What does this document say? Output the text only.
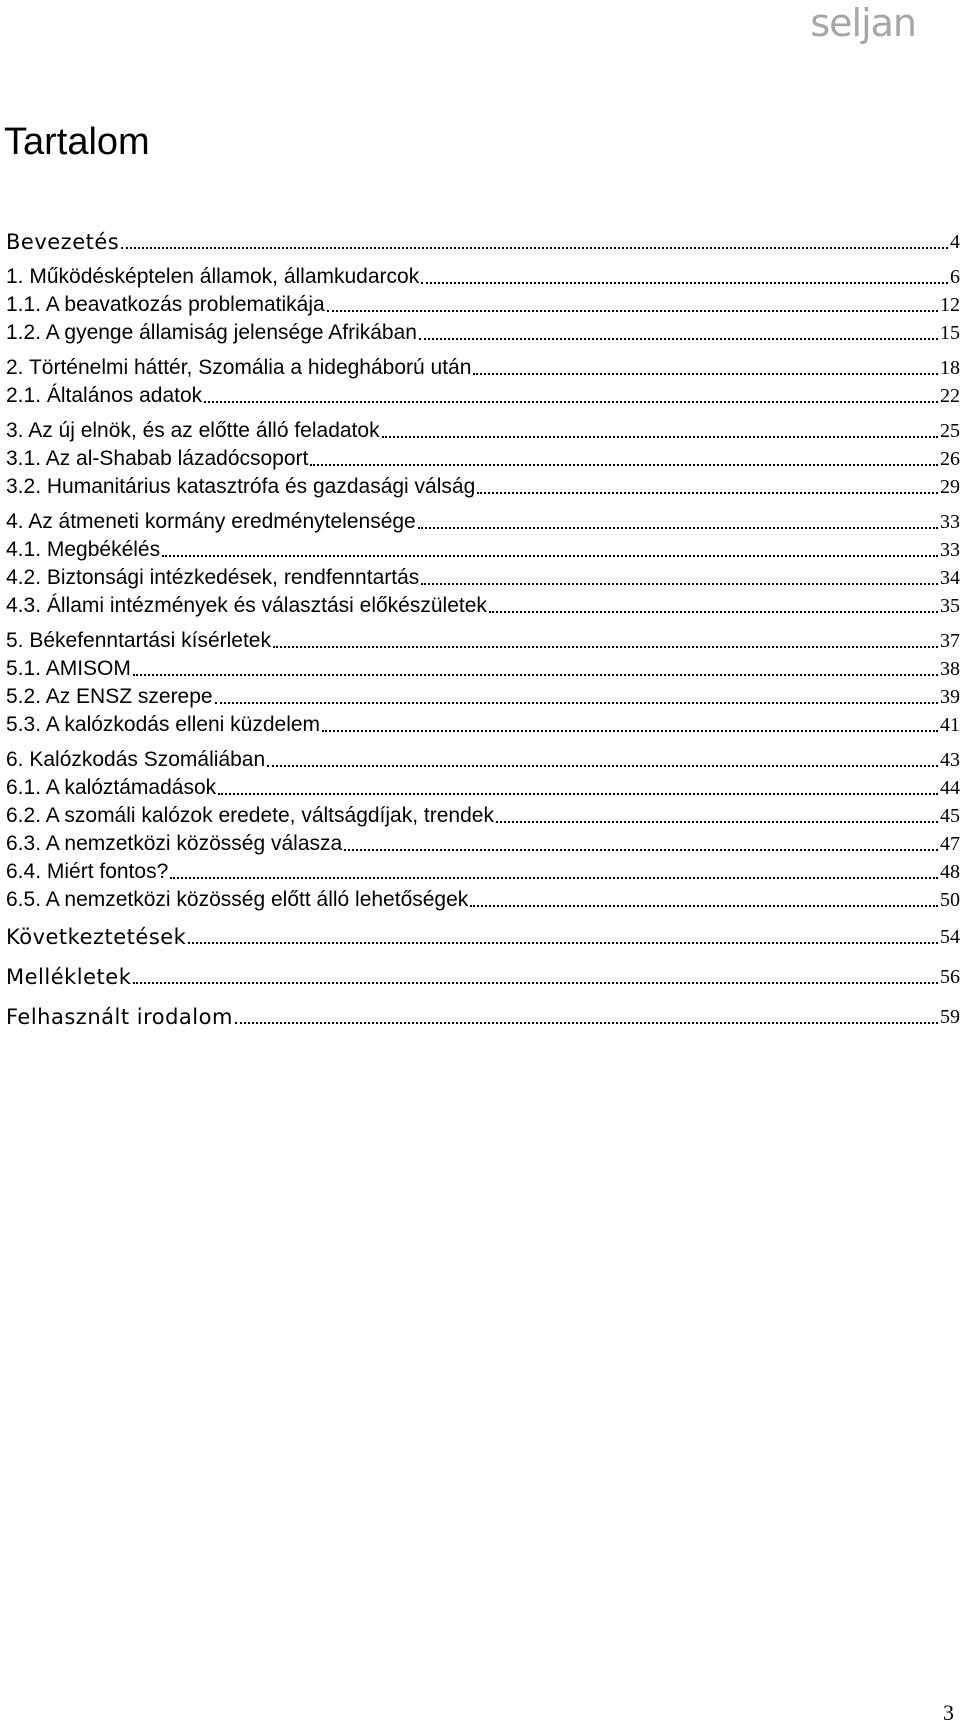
seljan
Tartalom
Bevezetés	4
1. Működésképtelen államok, államkudarcok	6
1.1. A beavatkozás problematikája	12
1.2. A gyenge államiság jelensége Afrikában	15
2. Történelmi háttér, Szomália a hidegháború után	18
2.1. Általános adatok	22
3. Az új elnök, és az előtte álló feladatok	25
3.1. Az al-Shabab lázadócsoport	26
3.2. Humanitárius katasztrófa és gazdasági válság	29
4. Az átmeneti kormány eredménytelensége	33
4.1. Megbékélés	33
4.2. Biztonsági intézkedések, rendfenntartás	34
4.3. Állami intézmények és választási előkészületek	35
5. Békefenntartási kísérletek	37
5.1. AMISOM	38
5.2. Az ENSZ szerepe	39
5.3. A kalózkodás elleni küzdelem	41
6. Kalózkodás Szomáliában	43
6.1. A kalóztámadások	44
6.2. A szomáli kalózok eredete, váltságdíjak, trendek	45
6.3. A nemzetközi közösség válasza	47
6.4. Miért fontos?	48
6.5. A nemzetközi közösség előtt álló lehetőségek	50
Következtetések	54
Mellékletek	56
Felhasznált irodalom	59
3
